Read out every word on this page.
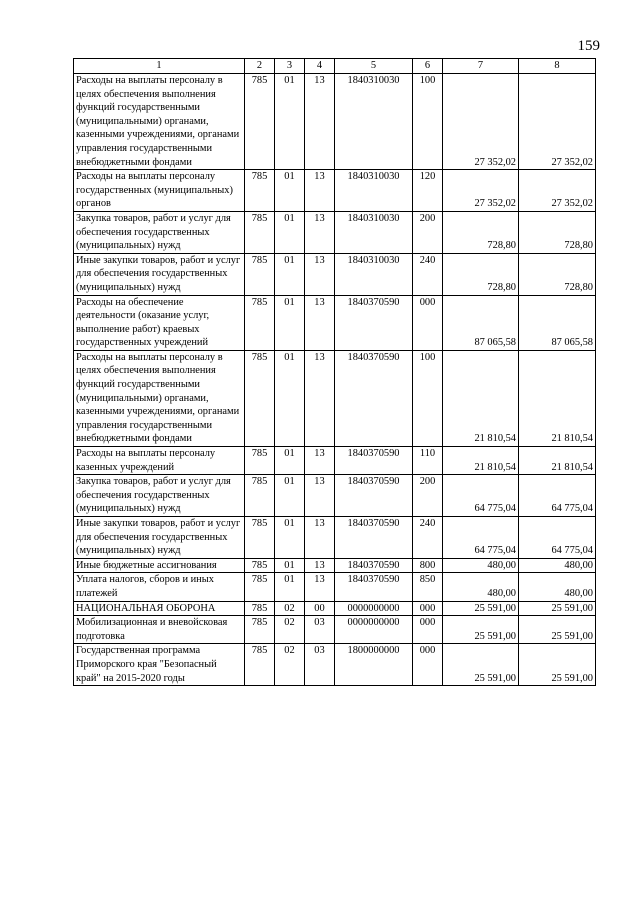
159
1	2	3	4	5	6	7	8
Расходы на выплаты персоналу в целях обеспечения выполнения функций государственными (муниципальными) органами, казенными учреждениями, органами управления государственными внебюджетными фондами	785	01	13	1840310030	100	27 352,02	27 352,02
Расходы на выплаты персоналу государственных (муниципальных) органов	785	01	13	1840310030	120	27 352,02	27 352,02
Закупка товаров, работ и услуг для обеспечения государственных (муниципальных) нужд	785	01	13	1840310030	200	728,80	728,80
Иные закупки товаров, работ и услуг для обеспечения государственных (муниципальных) нужд	785	01	13	1840310030	240	728,80	728,80
Расходы на обеспечение деятельности (оказание услуг, выполнение работ) краевых государственных учреждений	785	01	13	1840370590	000	87 065,58	87 065,58
Расходы на выплаты персоналу в целях обеспечения выполнения функций государственными (муниципальными) органами, казенными учреждениями, органами управления государственными внебюджетными фондами	785	01	13	1840370590	100	21 810,54	21 810,54
Расходы на выплаты персоналу казенных учреждений	785	01	13	1840370590	110	21 810,54	21 810,54
Закупка товаров, работ и услуг для обеспечения государственных (муниципальных) нужд	785	01	13	1840370590	200	64 775,04	64 775,04
Иные закупки товаров, работ и услуг для обеспечения государственных (муниципальных) нужд	785	01	13	1840370590	240	64 775,04	64 775,04
Иные бюджетные ассигнования	785	01	13	1840370590	800	480,00	480,00
Уплата налогов, сборов и иных платежей	785	01	13	1840370590	850	480,00	480,00
НАЦИОНАЛЬНАЯ ОБОРОНА	785	02	00	0000000000	000	25 591,00	25 591,00
Мобилизационная и вневойсковая подготовка	785	02	03	0000000000	000	25 591,00	25 591,00
Государственная программа Приморского края "Безопасный край" на 2015-2020 годы	785	02	03	1800000000	000	25 591,00	25 591,00
